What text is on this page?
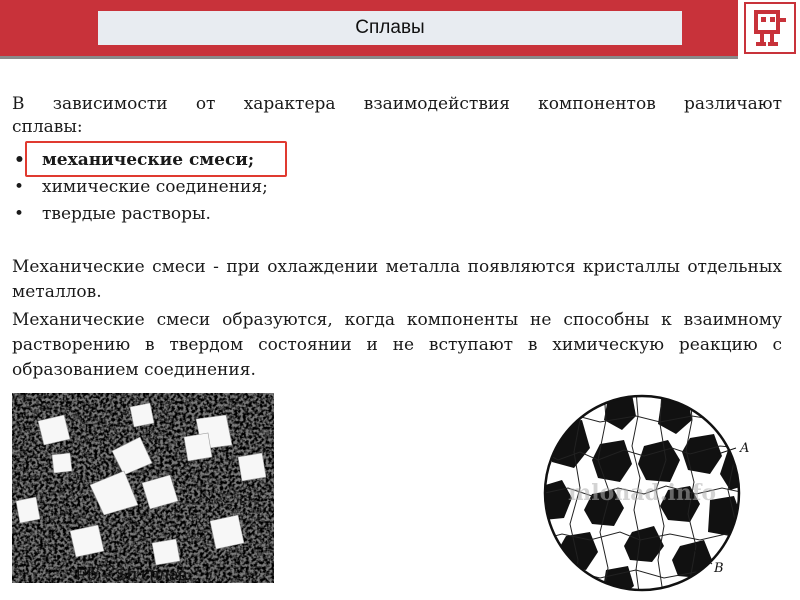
Сплавы
В зависимости от характера взаимодействия компонентов различают
сплавы:
• механические смеси;
• химические соединения;
• твердые растворы.
Механические смеси - при охлаждении металла появляются кристаллы отдельных металлов.
Механические смеси образуются, когда компоненты не способны к взаимному растворению в твердом состоянии и не вступают в химическую реакцию с образованием соединения.
Pb – Sb сплав
mlonad.info
A
B
